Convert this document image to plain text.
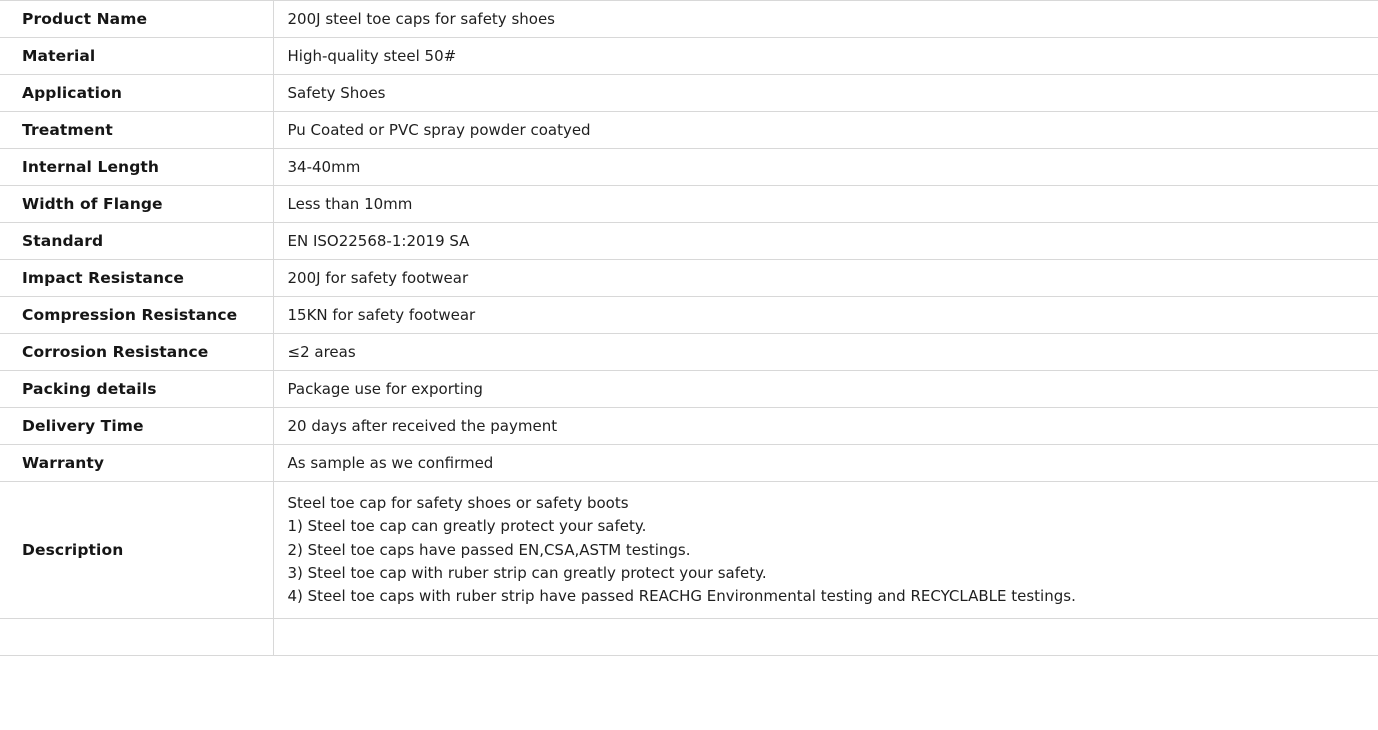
Product Name	200J steel toe caps for safety shoes
Material	High-quality steel 50#
Application	Safety Shoes
Treatment	Pu Coated or PVC spray powder coatyed
Internal Length	34-40mm
Width of Flange	Less than 10mm
Standard	EN ISO22568-1:2019 SA
Impact Resistance	200J for safety footwear
Compression Resistance	15KN for safety footwear
Corrosion Resistance	≤2 areas
Packing details	Package use for exporting
Delivery Time	20 days after received the payment
Warranty	As sample as we confirmed
Description	Steel toe cap for safety shoes or safety boots
1) Steel toe cap can greatly protect your safety.
2) Steel toe caps have passed EN,CSA,ASTM testings.
3) Steel toe cap with ruber strip can greatly protect your safety.
4) Steel toe caps with ruber strip have passed REACHG Environmental testing and RECYCLABLE testings.
